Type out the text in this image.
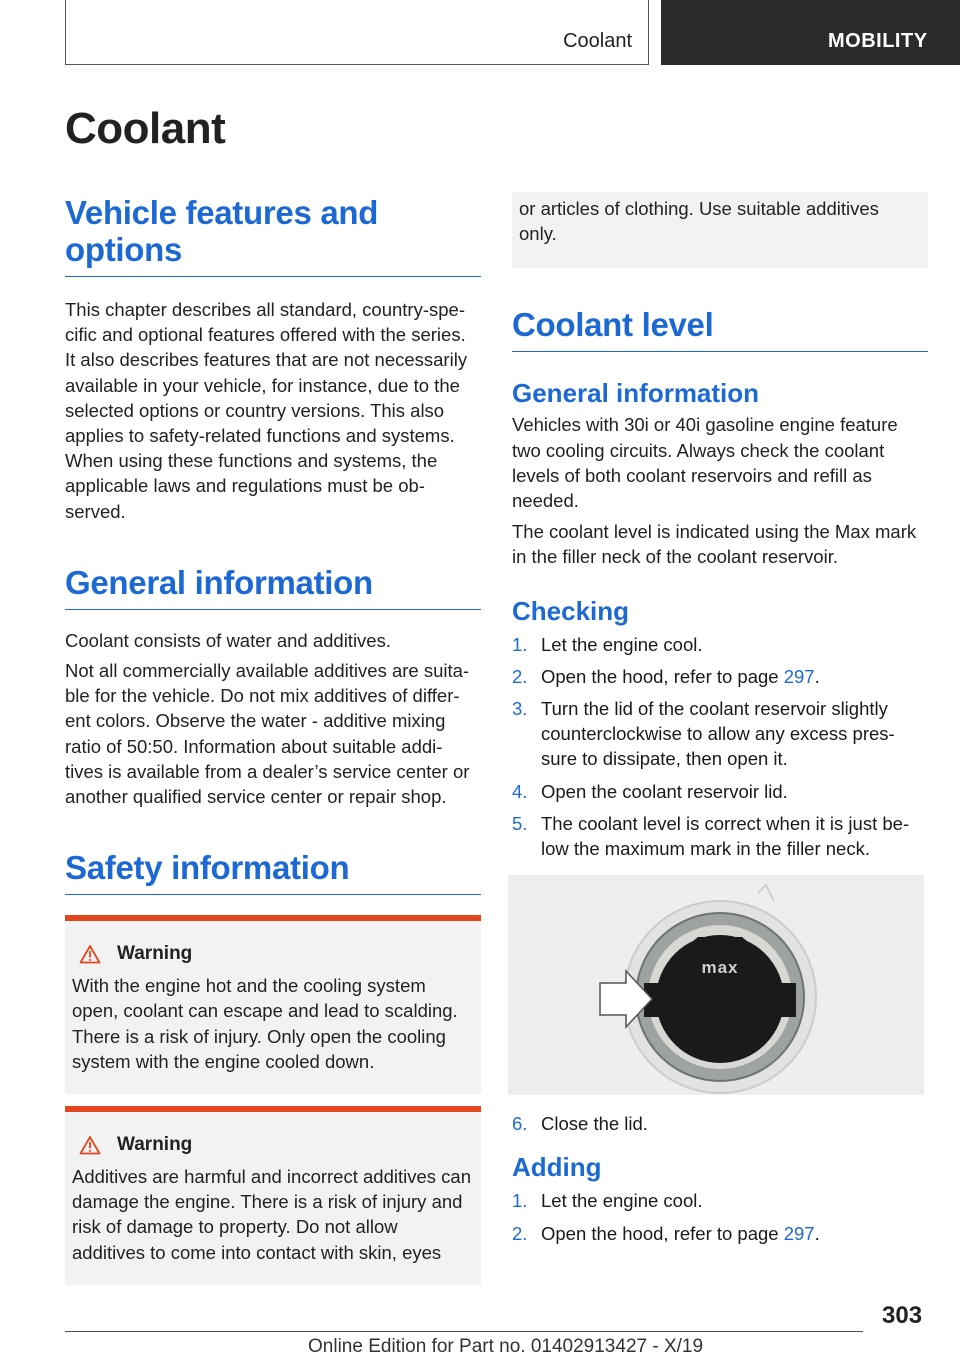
Coolant	MOBILITY
Coolant
Vehicle features and
options

This chapter describes all standard, country-spe- cific and optional features offered with the series. It also describes features that are not necessarily available in your vehicle, for instance, due to the selected options or country versions. This also applies to safety-related functions and systems. When using these functions and systems, the applicable laws and regulations must be ob- served.

General information

Coolant consists of water and additives.

Not all commercially available additives are suita- ble for the vehicle. Do not mix additives of differ- ent colors. Observe the water - additive mixing ratio of 50:50. Information about suitable addi- tives is available from a dealer’s service center or another qualified service center or repair shop.

Safety information
Warning

With the engine hot and the cooling system open, coolant can escape and lead to scalding. There is a risk of injury. Only open the cooling system with the engine cooled down.

Warning

Additives are harmful and incorrect additives can damage the engine. There is a risk of injury and risk of damage to property. Do not allow additives to come into contact with skin, eyes

or articles of clothing. Use suitable additives only.

Coolant level
General information

Vehicles with 30i or 40i gasoline engine feature two cooling circuits. Always check the coolant levels of both coolant reservoirs and refill as needed.

The coolant level is indicated using the Max mark in the filler neck of the coolant reservoir.

Checking
1. Let the engine cool.
2. Open the hood, refer to page 297.
3. Turn the lid of the coolant reservoir slightly counterclockwise to allow any excess pres- sure to dissipate, then open it.
4. Open the coolant reservoir lid.
5. The coolant level is correct when it is just be- low the maximum mark in the filler neck.
max
6. Close the lid.
Adding
1. Let the engine cool.
2. Open the hood, refer to page 297.
303
Online Edition for Part no. 01402913427 - X/19
